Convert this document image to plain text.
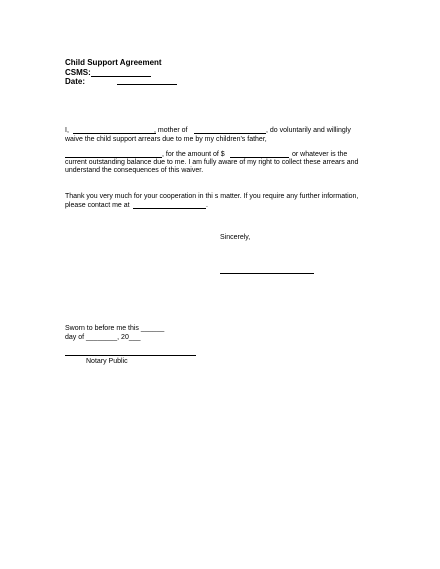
Child Support Agreement
CSMS:
Date:
I,	, mother of	, do voluntarily and willingly
waive the child support arrears due to me by my children's father,
, for the amount of $	or whatever is the
current outstanding balance due to me. I am fully aware of my right to collect these arrears and
understand the consequences of this waiver.
Thank you very much for your cooperation in thi s matter. If you require any further information,
please contact me at	.
Sincerely,
Sworn to before me this ______
day of ________, 20___
Notary Public
